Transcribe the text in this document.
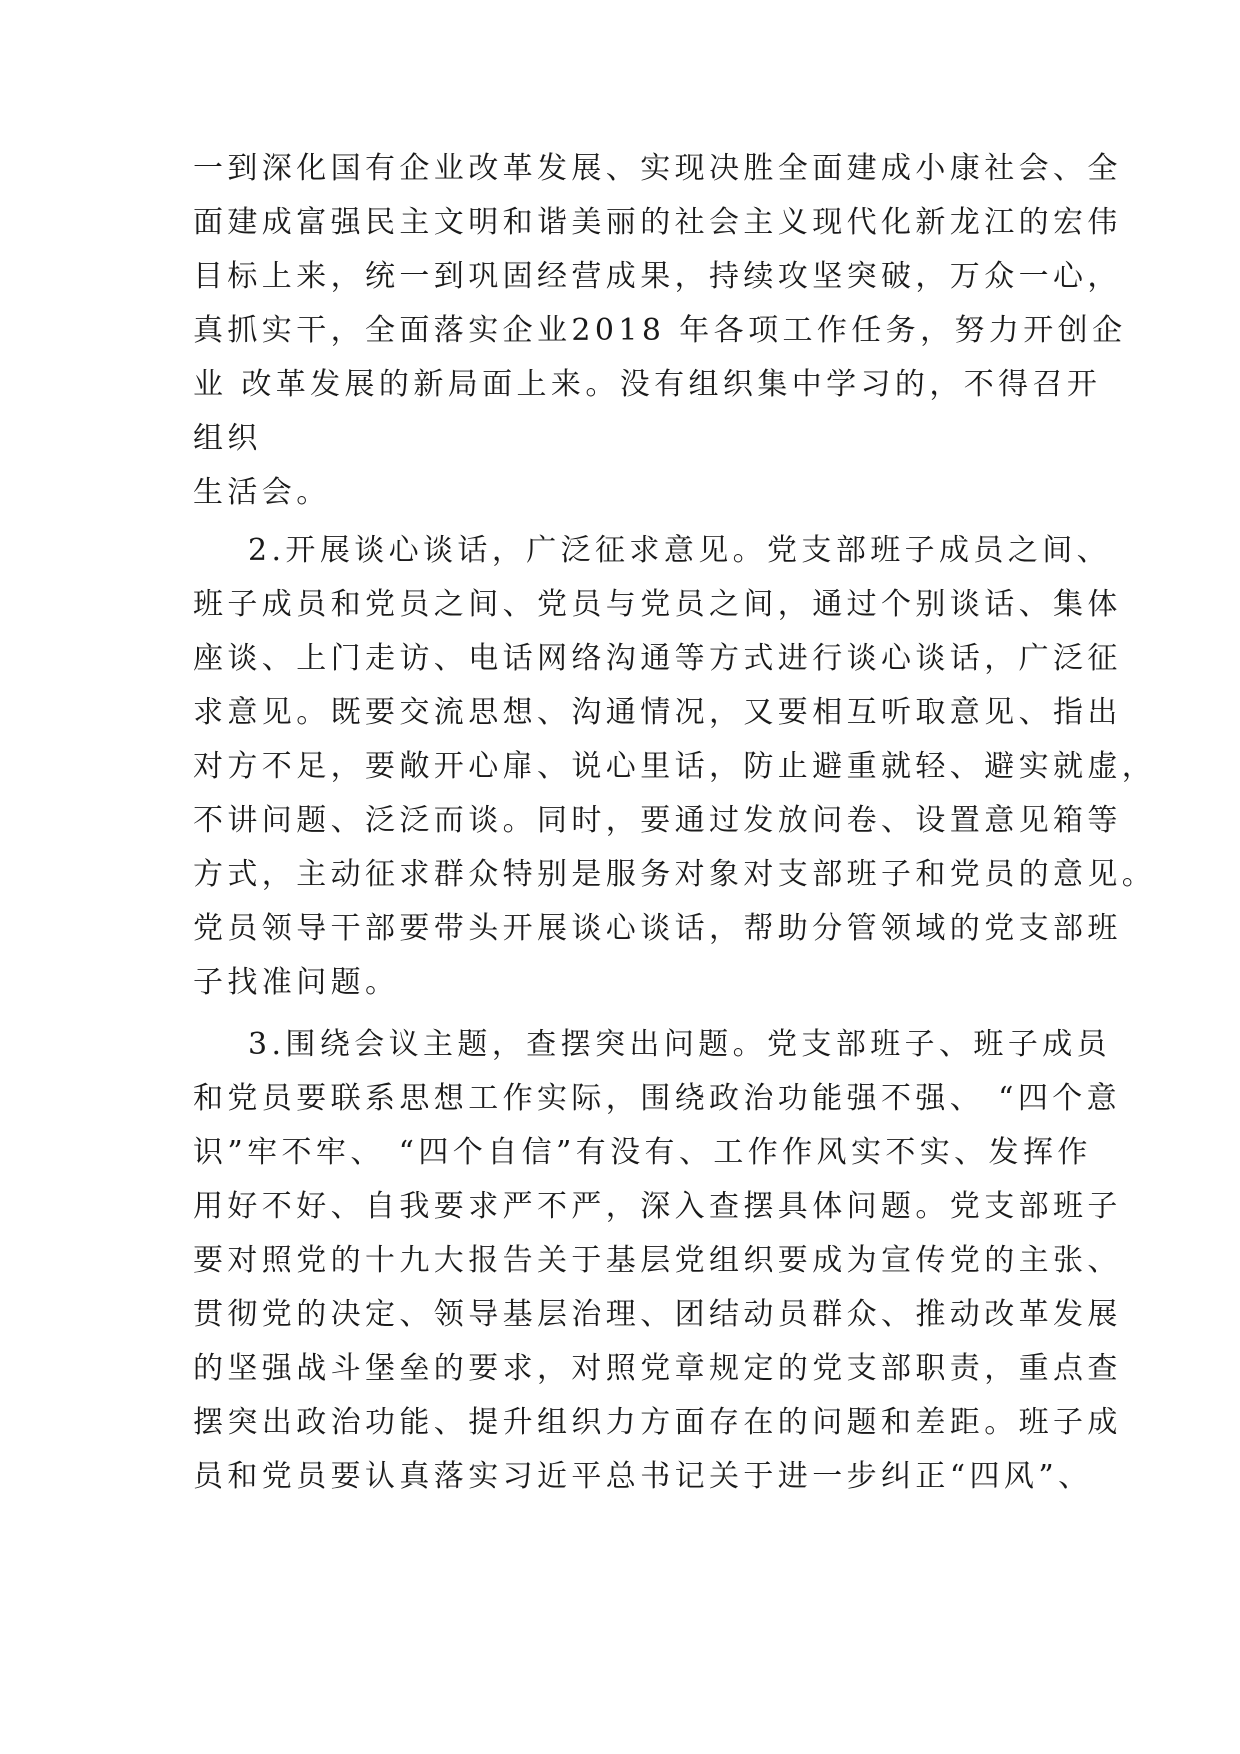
一到深化国有企业改革发展、实现决胜全面建成小康社会、全
面建成富强民主文明和谐美丽的社会主义现代化新龙江的宏伟
目标上来，统一到巩固经营成果，持续攻坚突破，万众一心，
真抓实干，全面落实企业2018 年各项工作任务，努力开创企
业 改革发展的新局面上来。没有组织集中学习的，不得召开
组织
生活会。
2.开展谈心谈话，广泛征求意见。党支部班子成员之间、
班子成员和党员之间、党员与党员之间，通过个别谈话、集体
座谈、上门走访、电话网络沟通等方式进行谈心谈话，广泛征
求意见。既要交流思想、沟通情况，又要相互听取意见、指出
对方不足，要敞开心扉、说心里话，防止避重就轻、避实就虚，
不讲问题、泛泛而谈。同时，要通过发放问卷、设置意见箱等
方式，主动征求群众特别是服务对象对支部班子和党员的意见。
党员领导干部要带头开展谈心谈话，帮助分管领域的党支部班
子找准问题。
3.围绕会议主题，查摆突出问题。党支部班子、班子成员
和党员要联系思想工作实际，围绕政治功能强不强、 “四个意
识”牢不牢、 “四个自信”有没有、工作作风实不实、发挥作
用好不好、自我要求严不严，深入查摆具体问题。党支部班子
要对照党的十九大报告关于基层党组织要成为宣传党的主张、
贯彻党的决定、领导基层治理、团结动员群众、推动改革发展
的坚强战斗堡垒的要求，对照党章规定的党支部职责，重点查
摆突出政治功能、提升组织力方面存在的问题和差距。班子成
员和党员要认真落实习近平总书记关于进一步纠正“四风”、
